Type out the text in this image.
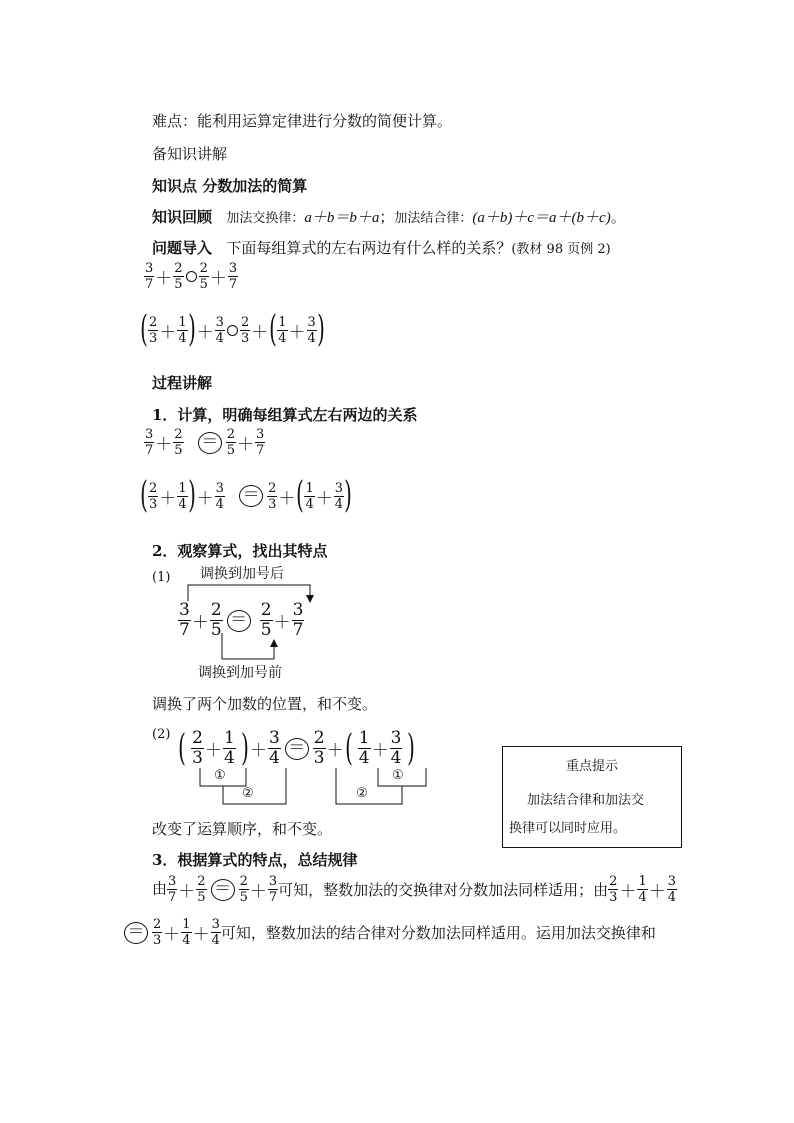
难点：能利用运算定律进行分数的简便计算。
备知识讲解
知识点 分数加法的简算
知识回顾 加法交换律：a＋b＝b＋a；加法结合律：(a＋b)＋c＝a＋(b＋c)。
问题导入 下面每组算式的左右两边有什么样的关系？(教材 98 页例 2)
$\frac{3}{7} + \frac{2}{5} \frac{2}{5} + \frac{3}{7}$
( $\frac{2}{3} + \frac{1}{4}$ )＋ $\frac{3}{4} \frac{2}{3}$ ＋( $\frac{1}{4} + \frac{3}{4}$ )
过程讲解
1．计算，明确每组算式左右两边的关系
$\frac{3}{7} + \frac{2}{5} = \frac{2}{5} + \frac{3}{7}$
( $\frac{2}{3} + \frac{1}{4}$ )＋ $\frac{3}{4} = \frac{2}{3}$ ＋( $\frac{1}{4} + \frac{3}{4}$ )
2．观察算式，找出其特点
(1) 调换到加号后
$\frac{3}{7} + \frac{2}{5} = \frac{2}{5} + \frac{3}{7}$
调换到加号前
调换了两个加数的位置，和不变。
(2) ( $\frac{2}{3} + \frac{1}{4}$ )＋ $\frac{3}{4} = \frac{2}{3}$ ＋( $\frac{1}{4} + \frac{3}{4}$ )
①
②
①
②
改变了运算顺序，和不变。
重点提示
加法结合律和加法交
换律可以同时应用。
3．根据算式的特点，总结规律
由 $\frac{3}{7} + \frac{2}{5} = \frac{2}{5} + \frac{3}{7}$ 可知，整数加法的交换律对分数加法同样适用；由 $\frac{2}{3} + \frac{1}{4} + \frac{3}{4}$
＝ $\frac{2}{3} + \frac{1}{4} + \frac{3}{4}$ 可知，整数加法的结合律对分数加法同样适用。运用加法交换律和
